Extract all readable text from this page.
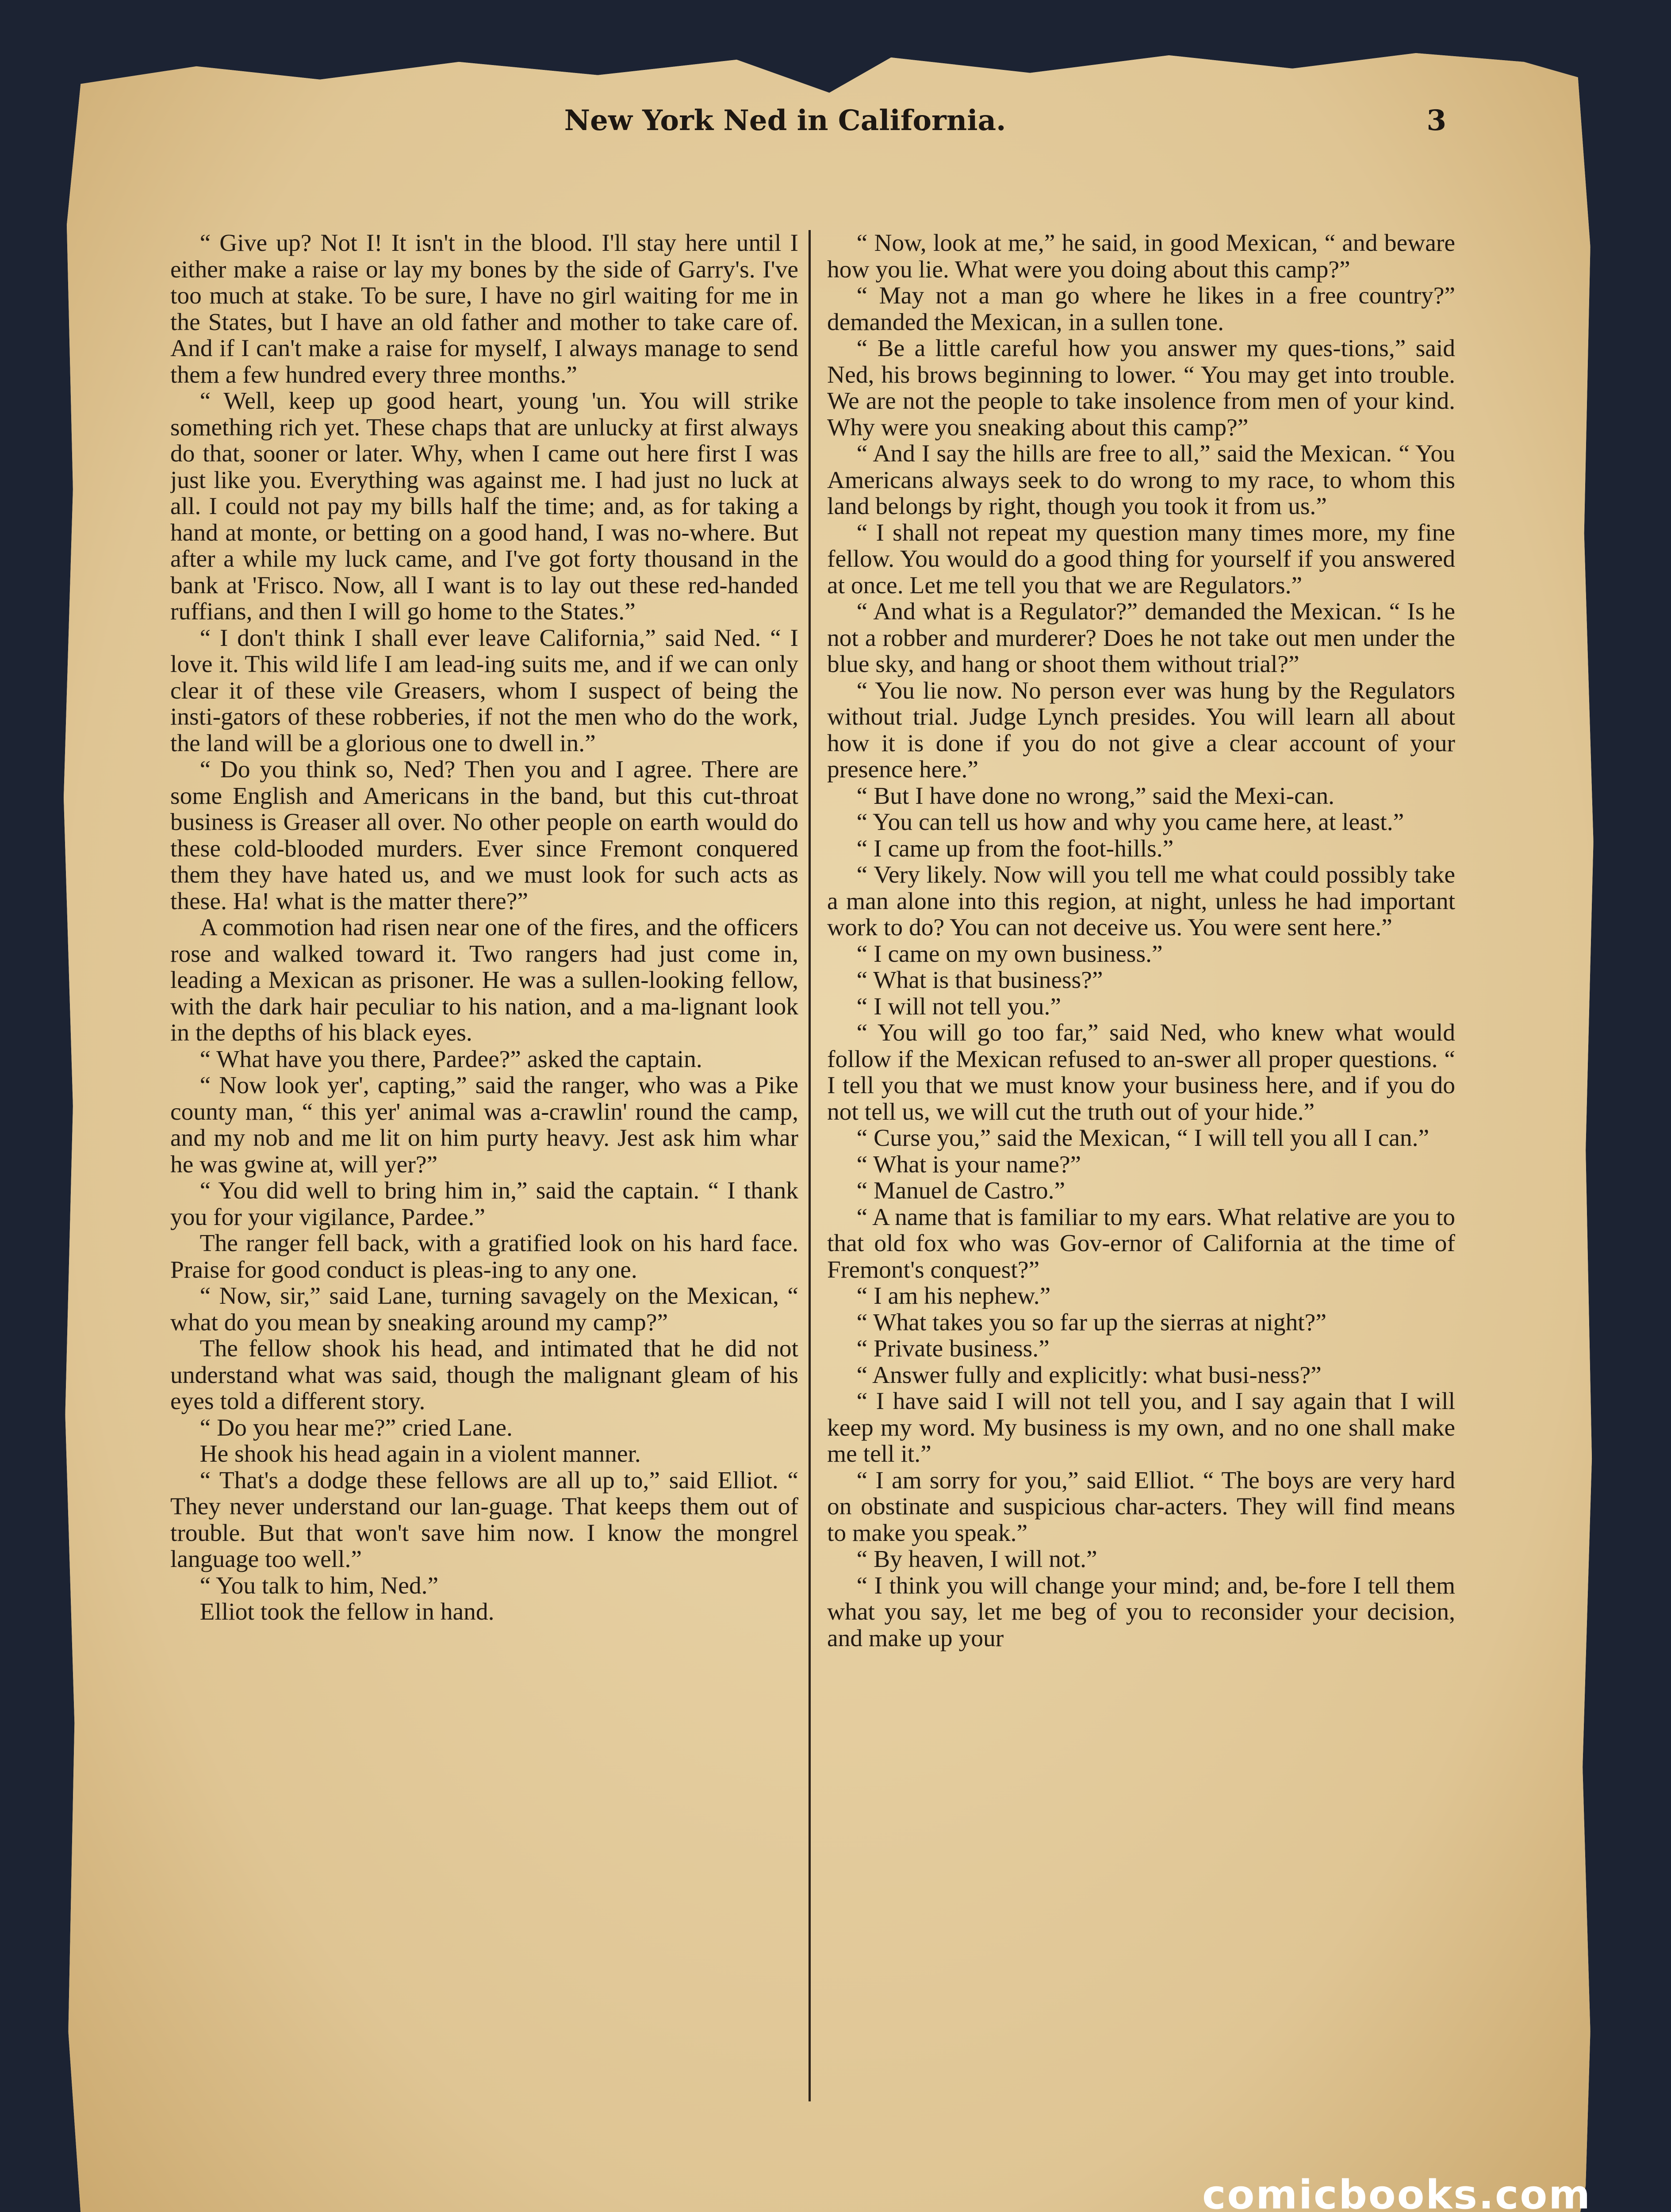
New York Ned in California.	3

“ Give up? Not I! It isn't in the blood. I'll stay here until I either make a raise or lay my bones by the side of Garry's. I've too much at stake. To be sure, I have no girl waiting for me in the States, but I have an old father and mother to take care of. And if I can't make a raise for myself, I always manage to send them a few hundred every three months.”

“ Well, keep up good heart, young 'un. You will strike something rich yet. These chaps that are unlucky at first always do that, sooner or later. Why, when I came out here first I was just like you. Everything was against me. I had just no luck at all. I could not pay my bills half the time; and, as for taking a hand at monte, or betting on a good hand, I was no-where. But after a while my luck came, and I've got forty thousand in the bank at 'Frisco. Now, all I want is to lay out these red-handed ruffians, and then I will go home to the States.”

“ I don't think I shall ever leave California,” said Ned. “ I love it. This wild life I am lead-ing suits me, and if we can only clear it of these vile Greasers, whom I suspect of being the insti-gators of these robberies, if not the men who do the work, the land will be a glorious one to dwell in.”

“ Do you think so, Ned? Then you and I agree. There are some English and Americans in the band, but this cut-throat business is Greaser all over. No other people on earth would do these cold-blooded murders. Ever since Fremont conquered them they have hated us, and we must look for such acts as these. Ha! what is the matter there?”

A commotion had risen near one of the fires, and the officers rose and walked toward it. Two rangers had just come in, leading a Mexican as prisoner. He was a sullen-looking fellow, with the dark hair peculiar to his nation, and a ma-lignant look in the depths of his black eyes.

“ What have you there, Pardee?” asked the captain.

“ Now look yer', capting,” said the ranger, who was a Pike county man, “ this yer' animal was a-crawlin' round the camp, and my nob and me lit on him purty heavy. Jest ask him whar he was gwine at, will yer?”

“ You did well to bring him in,” said the captain. “ I thank you for your vigilance, Pardee.”

The ranger fell back, with a gratified look on his hard face. Praise for good conduct is pleas-ing to any one.

“ Now, sir,” said Lane, turning savagely on the Mexican, “ what do you mean by sneaking around my camp?”

The fellow shook his head, and intimated that he did not understand what was said, though the malignant gleam of his eyes told a different story.

“ Do you hear me?” cried Lane.

He shook his head again in a violent manner.

“ That's a dodge these fellows are all up to,” said Elliot. “ They never understand our lan-guage. That keeps them out of trouble. But that won't save him now. I know the mongrel language too well.”

“ You talk to him, Ned.”

Elliot took the fellow in hand.

“ Now, look at me,” he said, in good Mexican, “ and beware how you lie. What were you doing about this camp?”

“ May not a man go where he likes in a free country?” demanded the Mexican, in a sullen tone.

“ Be a little careful how you answer my ques-tions,” said Ned, his brows beginning to lower. “ You may get into trouble. We are not the people to take insolence from men of your kind. Why were you sneaking about this camp?”

“ And I say the hills are free to all,” said the Mexican. “ You Americans always seek to do wrong to my race, to whom this land belongs by right, though you took it from us.”

“ I shall not repeat my question many times more, my fine fellow. You would do a good thing for yourself if you answered at once. Let me tell you that we are Regulators.”

“ And what is a Regulator?” demanded the Mexican. “ Is he not a robber and murderer? Does he not take out men under the blue sky, and hang or shoot them without trial?”

“ You lie now. No person ever was hung by the Regulators without trial. Judge Lynch presides. You will learn all about how it is done if you do not give a clear account of your presence here.”

“ But I have done no wrong,” said the Mexi-can.

“ You can tell us how and why you came here, at least.”

“ I came up from the foot-hills.”

“ Very likely. Now will you tell me what could possibly take a man alone into this region, at night, unless he had important work to do? You can not deceive us. You were sent here.”

“ I came on my own business.”

“ What is that business?”

“ I will not tell you.”

“ You will go too far,” said Ned, who knew what would follow if the Mexican refused to an-swer all proper questions. “ I tell you that we must know your business here, and if you do not tell us, we will cut the truth out of your hide.”

“ Curse you,” said the Mexican, “ I will tell you all I can.”

“ What is your name?”

“ Manuel de Castro.”

“ A name that is familiar to my ears. What relative are you to that old fox who was Gov-ernor of California at the time of Fremont's conquest?”

“ I am his nephew.”

“ What takes you so far up the sierras at night?”

“ Private business.”

“ Answer fully and explicitly: what busi-ness?”

“ I have said I will not tell you, and I say again that I will keep my word. My business is my own, and no one shall make me tell it.”

“ I am sorry for you,” said Elliot. “ The boys are very hard on obstinate and suspicious char-acters. They will find means to make you speak.”

“ By heaven, I will not.”

“ I think you will change your mind; and, be-fore I tell them what you say, let me beg of you to reconsider your decision, and make up your

comicbooks.com
